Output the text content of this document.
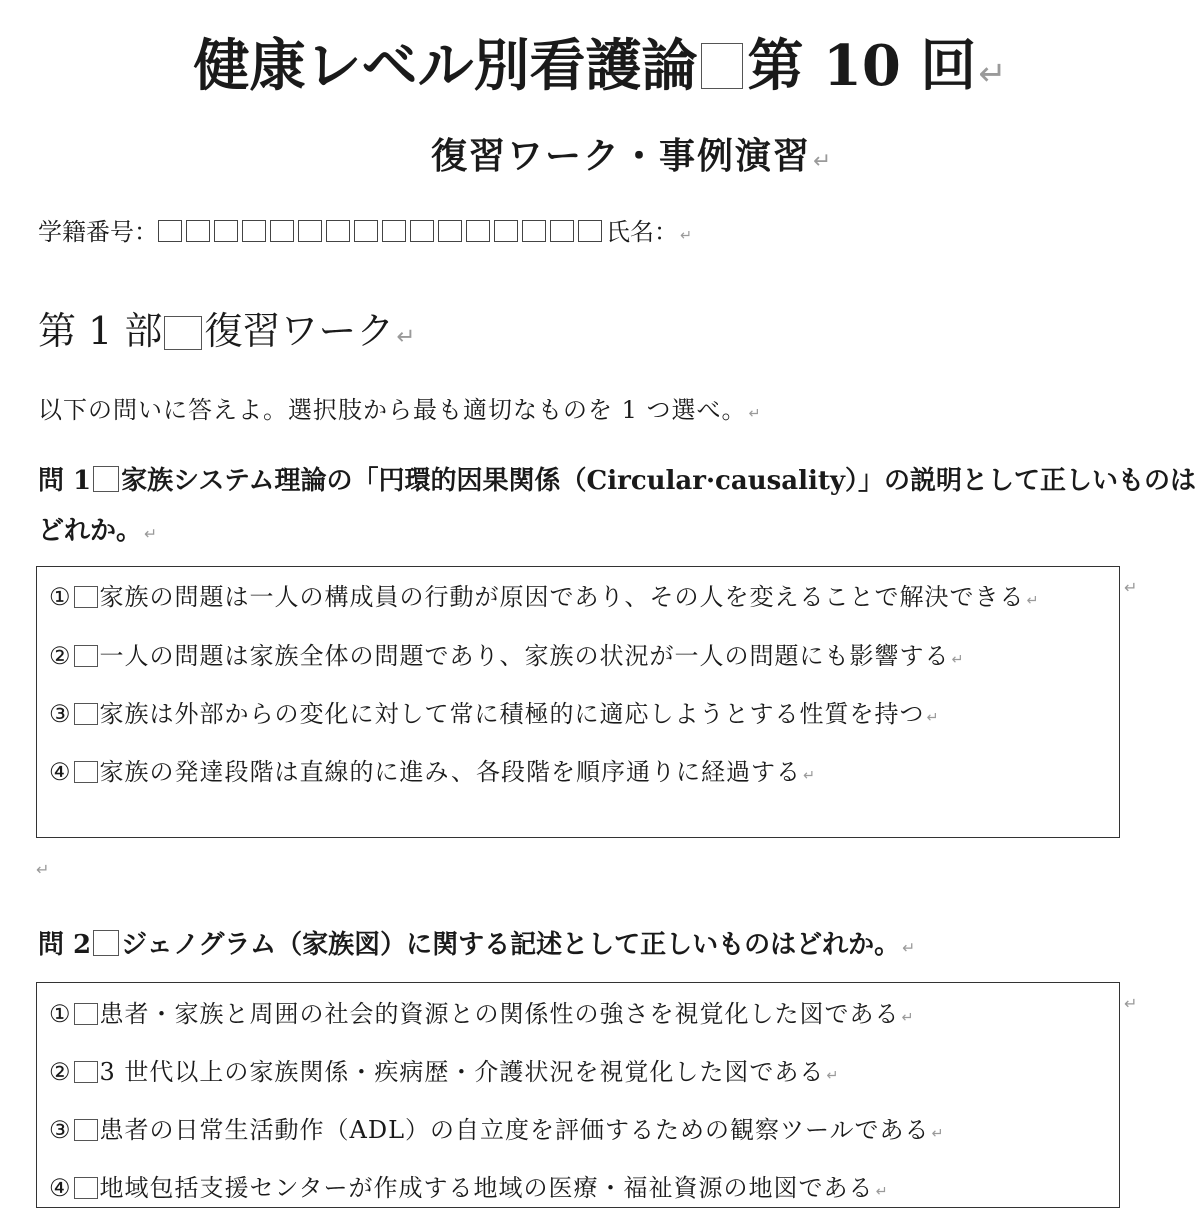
健康レベル別看護論 第 10 回↵
復習ワーク・事例演習↵
学籍番号：	氏名： ↵
第 1 部 復習ワーク↵
以下の問いに答えよ。選択肢から最も適切なものを 1 つ選べ。 ↵
問 1 家族システム理論の「円環的因果関係（Circular·causality）」の説明として正しいものはどれか。 ↵
① 家族の問題は一人の構成員の行動が原因であり、その人を変えることで解決できる ↵
② 一人の問題は家族全体の問題であり、家族の状況が一人の問題にも影響する ↵
③ 家族は外部からの変化に対して常に積極的に適応しようとする性質を持つ ↵
④ 家族の発達段階は直線的に進み、各段階を順序通りに経過する ↵
↵
↵
問 2 ジェノグラム（家族図）に関する記述として正しいものはどれか。 ↵
① 患者・家族と周囲の社会的資源との関係性の強さを視覚化した図である ↵
② 3 世代以上の家族関係・疾病歴・介護状況を視覚化した図である ↵
③ 患者の日常生活動作（ADL）の自立度を評価するための観察ツールである ↵
④ 地域包括支援センターが作成する地域の医療・福祉資源の地図である ↵
↵
